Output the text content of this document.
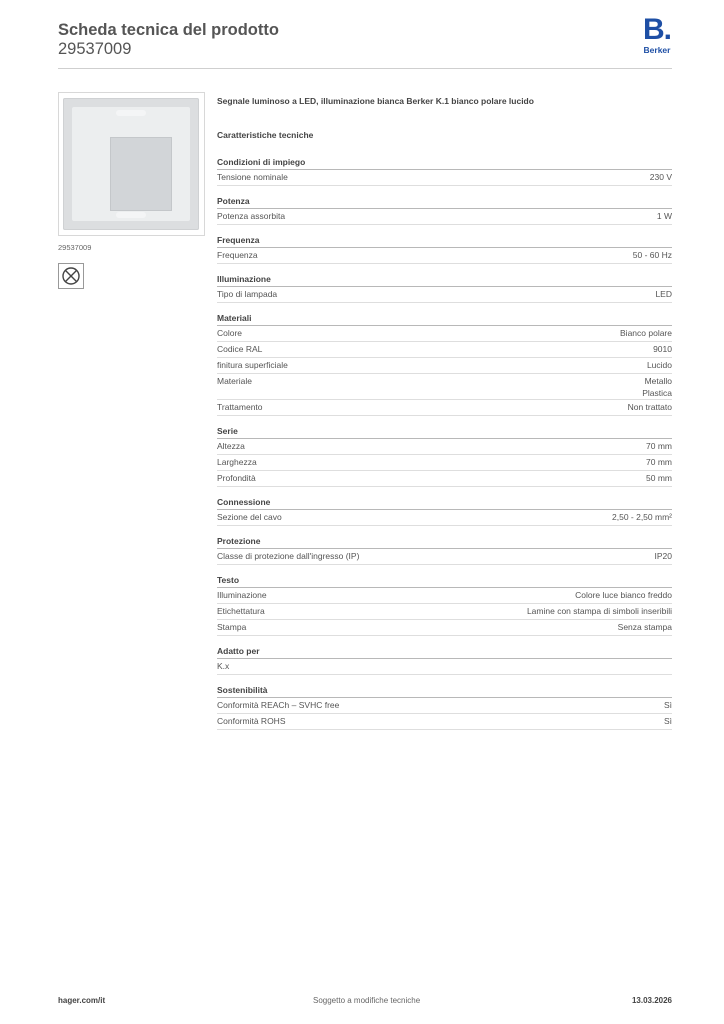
Scheda tecnica del prodotto
29537009
B.
Berker
29537009
Segnale luminoso a LED, illuminazione bianca Berker K.1 bianco polare lucido
Caratteristiche tecniche
Condizioni di impiego
Tensione nominale	230 V
Potenza
Potenza assorbita	1 W
Frequenza
Frequenza	50 - 60 Hz
Illuminazione
Tipo di lampada	LED
Materiali
Colore	Bianco polare
Codice RAL	9010
finitura superficiale	Lucido
Materiale	Metallo
Plastica
Trattamento	Non trattato
Serie
Altezza	70 mm
Larghezza	70 mm
Profondità	50 mm
Connessione
Sezione del cavo	2,50 - 2,50 mm²
Protezione
Classe di protezione dall'ingresso (IP)	IP20
Testo
Illuminazione	Colore luce bianco freddo
Etichettatura	Lamine con stampa di simboli inseribili
Stampa	Senza stampa
Adatto per
K.x
Sostenibilità
Conformità REACh – SVHC free	Sì
Conformità ROHS	Sì
hager.com/it	Soggetto a modifiche tecniche	13.03.2026
